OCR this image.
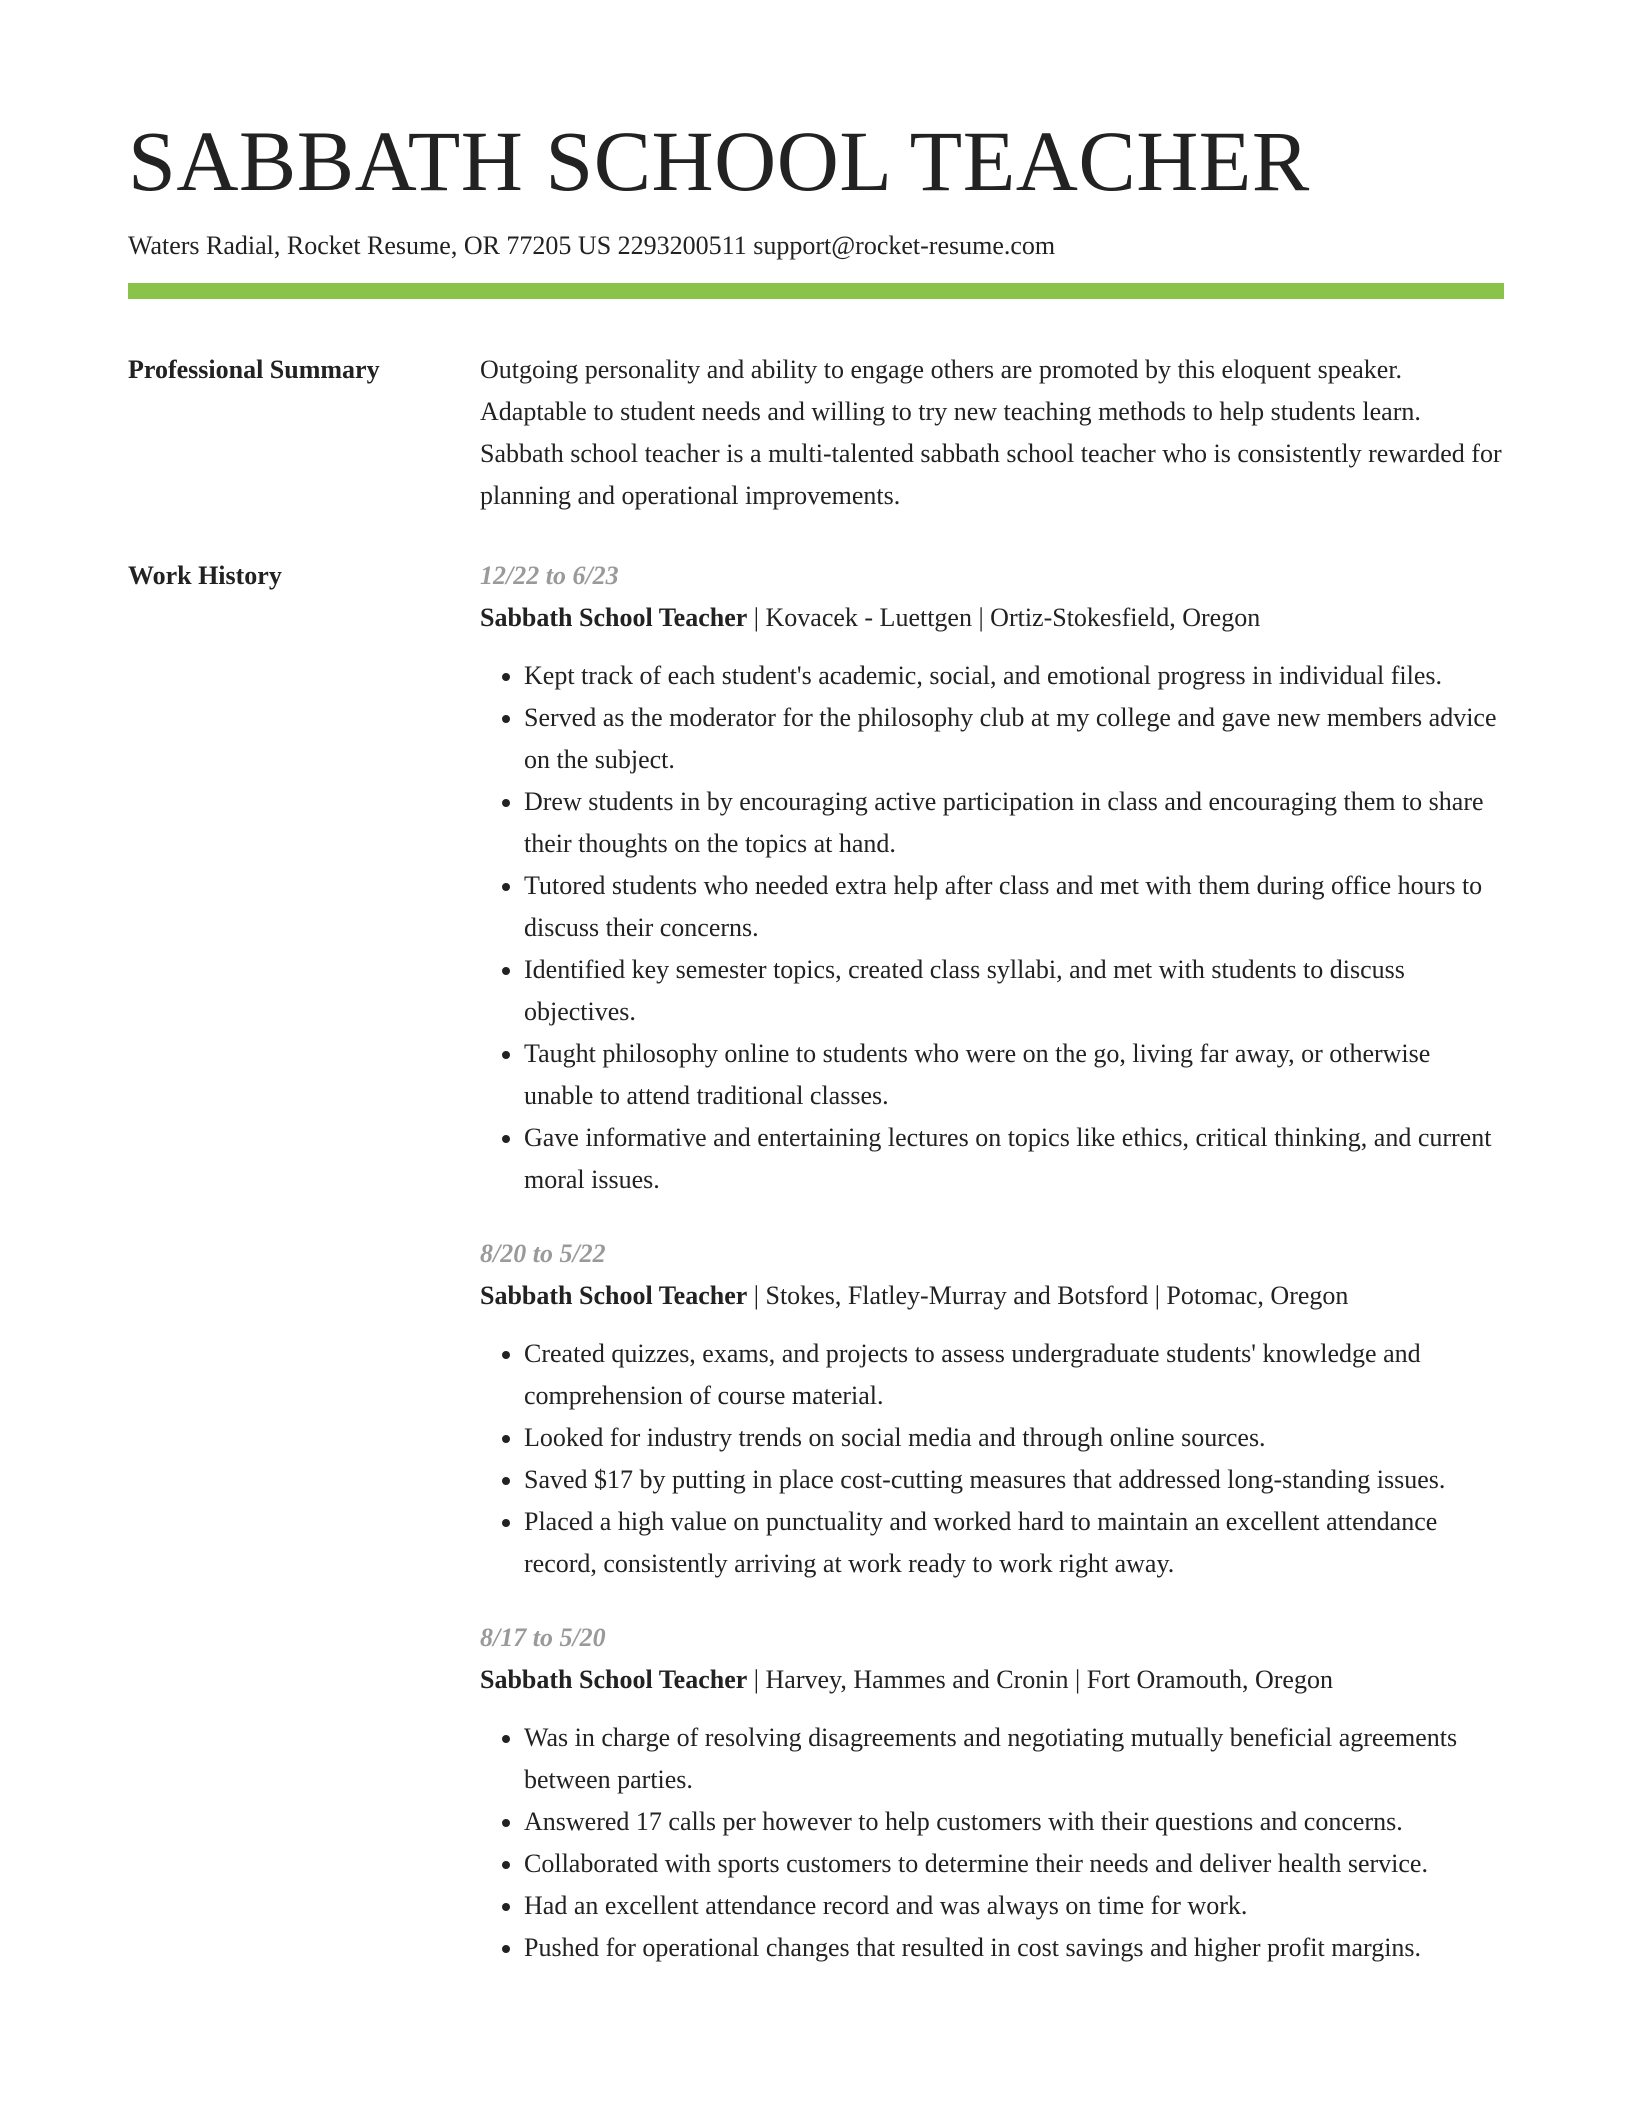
SABBATH SCHOOL TEACHER
Waters Radial, Rocket Resume, OR 77205 US 2293200511 support@rocket-resume.com
Professional Summary	Outgoing personality and ability to engage others are promoted by this eloquent speaker. Adaptable to student needs and willing to try new teaching methods to help students learn. Sabbath school teacher is a multi-talented sabbath school teacher who is consistently rewarded for planning and operational improvements.
Work History	12/22 to 6/23
Sabbath School Teacher | Kovacek - Luettgen | Ortiz-Stokesfield, Oregon
• Kept track of each student's academic, social, and emotional progress in individual files.
• Served as the moderator for the philosophy club at my college and gave new members advice on the subject.
• Drew students in by encouraging active participation in class and encouraging them to share their thoughts on the topics at hand.
• Tutored students who needed extra help after class and met with them during office hours to discuss their concerns.
• Identified key semester topics, created class syllabi, and met with students to discuss objectives.
• Taught philosophy online to students who were on the go, living far away, or otherwise unable to attend traditional classes.
• Gave informative and entertaining lectures on topics like ethics, critical thinking, and current moral issues.
8/20 to 5/22
Sabbath School Teacher | Stokes, Flatley-Murray and Botsford | Potomac, Oregon
• Created quizzes, exams, and projects to assess undergraduate students' knowledge and comprehension of course material.
• Looked for industry trends on social media and through online sources.
• Saved $17 by putting in place cost-cutting measures that addressed long-standing issues.
• Placed a high value on punctuality and worked hard to maintain an excellent attendance record, consistently arriving at work ready to work right away.
8/17 to 5/20
Sabbath School Teacher | Harvey, Hammes and Cronin | Fort Oramouth, Oregon
• Was in charge of resolving disagreements and negotiating mutually beneficial agreements between parties.
• Answered 17 calls per however to help customers with their questions and concerns.
• Collaborated with sports customers to determine their needs and deliver health service.
• Had an excellent attendance record and was always on time for work.
• Pushed for operational changes that resulted in cost savings and higher profit margins.
